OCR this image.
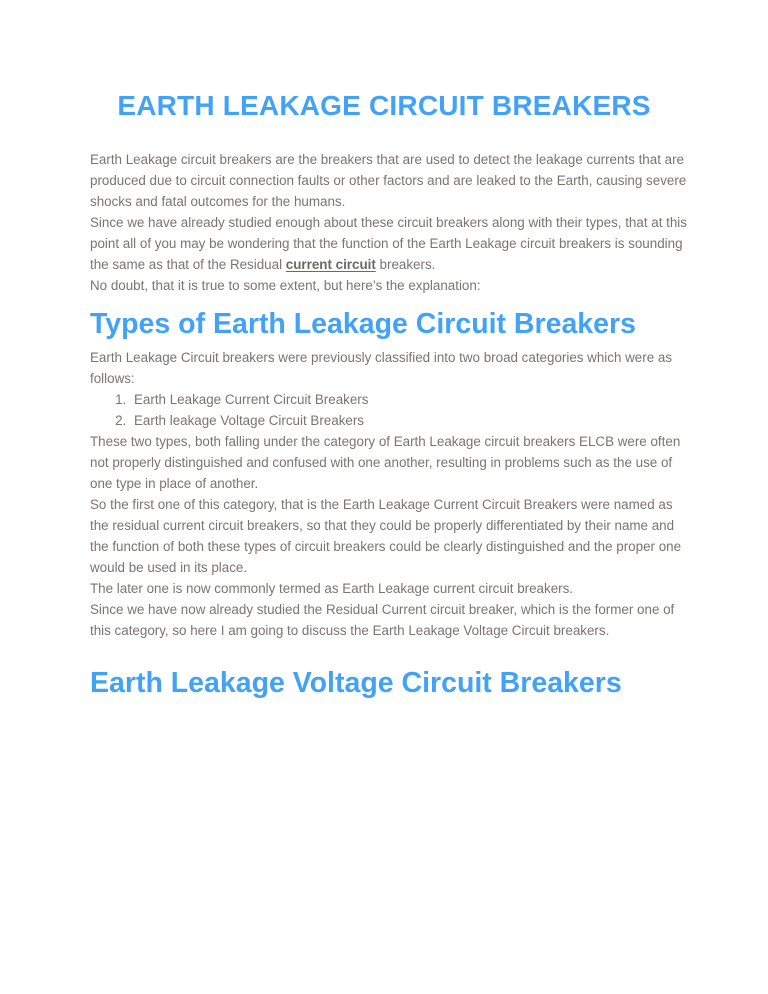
EARTH LEAKAGE CIRCUIT BREAKERS

Earth Leakage circuit breakers are the breakers that are used to detect the leakage currents that are produced due to circuit connection faults or other factors and are leaked to the Earth, causing severe shocks and fatal outcomes for the humans.

Since we have already studied enough about these circuit breakers along with their types, that at this point all of you may be wondering that the function of the Earth Leakage circuit breakers is sounding the same as that of the Residual current circuit breakers.

No doubt, that it is true to some extent, but here’s the explanation:

Types of Earth Leakage Circuit Breakers

Earth Leakage Circuit breakers were previously classified into two broad categories which were as follows:

1. Earth Leakage Current Circuit Breakers
2. Earth leakage Voltage Circuit Breakers

These two types, both falling under the category of Earth Leakage circuit breakers ELCB were often not properly distinguished and confused with one another, resulting in problems such as the use of one type in place of another.

So the first one of this category, that is the Earth Leakage Current Circuit Breakers were named as the residual current circuit breakers, so that they could be properly differentiated by their name and the function of both these types of circuit breakers could be clearly distinguished and the proper one would be used in its place.

The later one is now commonly termed as Earth Leakage current circuit breakers.

Since we have now already studied the Residual Current circuit breaker, which is the former one of this category, so here I am going to discuss the Earth Leakage Voltage Circuit breakers.

Earth Leakage Voltage Circuit Breakers
